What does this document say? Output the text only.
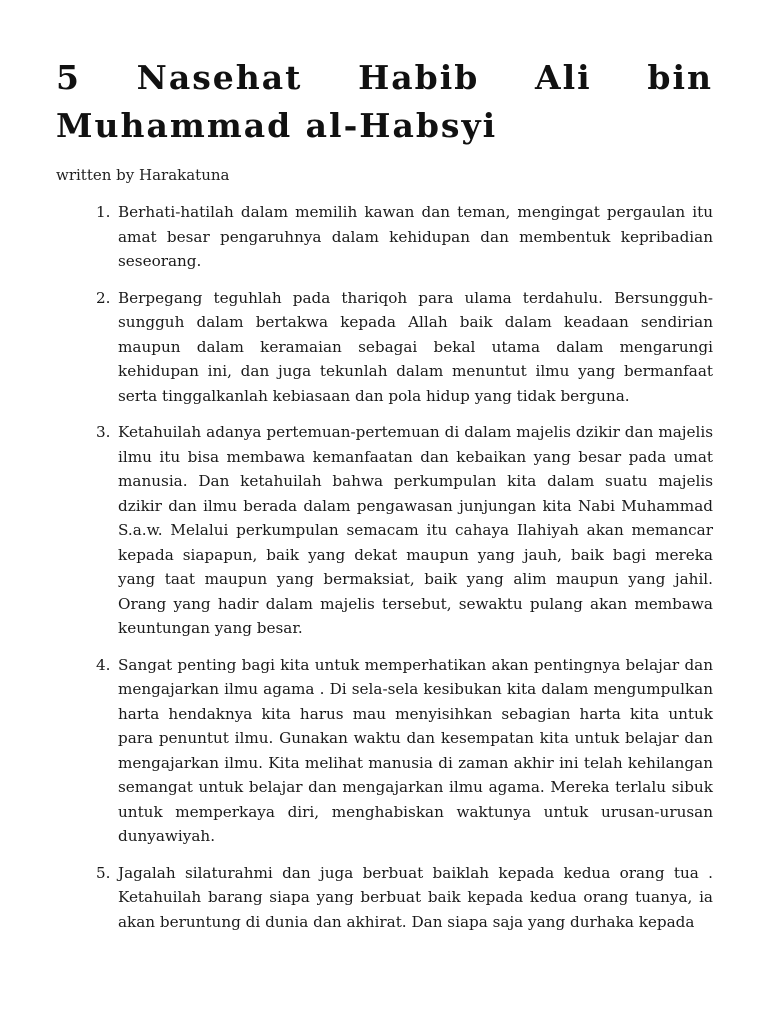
5 Nasehat Habib Ali bin Muhammad al-Habsyi

written by Harakatuna

1. Berhati-hatilah dalam memilih kawan dan teman, mengingat pergaulan itu amat besar pengaruhnya dalam kehidupan dan membentuk kepribadian seseorang.
2. Berpegang teguhlah pada thariqoh para ulama terdahulu. Bersungguh-sungguh dalam bertakwa kepada Allah baik dalam keadaan sendirian maupun dalam keramaian sebagai bekal utama dalam mengarungi kehidupan ini, dan juga tekunlah dalam menuntut ilmu yang bermanfaat serta tinggalkanlah kebiasaan dan pola hidup yang tidak berguna.
3. Ketahuilah adanya pertemuan-pertemuan di dalam majelis dzikir dan majelis ilmu itu bisa membawa kemanfaatan dan kebaikan yang besar pada umat manusia. Dan ketahuilah bahwa perkumpulan kita dalam suatu majelis dzikir dan ilmu berada dalam pengawasan junjungan kita Nabi Muhammad S.a.w. Melalui perkumpulan semacam itu cahaya Ilahiyah akan memancar kepada siapapun, baik yang dekat maupun yang jauh, baik bagi mereka yang taat maupun yang bermaksiat, baik yang alim maupun yang jahil. Orang yang hadir dalam majelis tersebut, sewaktu pulang akan membawa keuntungan yang besar.
4. Sangat penting bagi kita untuk memperhatikan akan pentingnya belajar dan mengajarkan ilmu agama . Di sela-sela kesibukan kita dalam mengumpulkan harta hendaknya kita harus mau menyisihkan sebagian harta kita untuk para penuntut ilmu. Gunakan waktu dan kesempatan kita untuk belajar dan mengajarkan ilmu. Kita melihat manusia di zaman akhir ini telah kehilangan semangat untuk belajar dan mengajarkan ilmu agama. Mereka terlalu sibuk untuk memperkaya diri, menghabiskan waktunya untuk urusan-urusan dunyawiyah.
5. Jagalah silaturahmi dan juga berbuat baiklah kepada kedua orang tua . Ketahuilah barang siapa yang berbuat baik kepada kedua orang tuanya, ia akan beruntung di dunia dan akhirat. Dan siapa saja yang durhaka kepada
